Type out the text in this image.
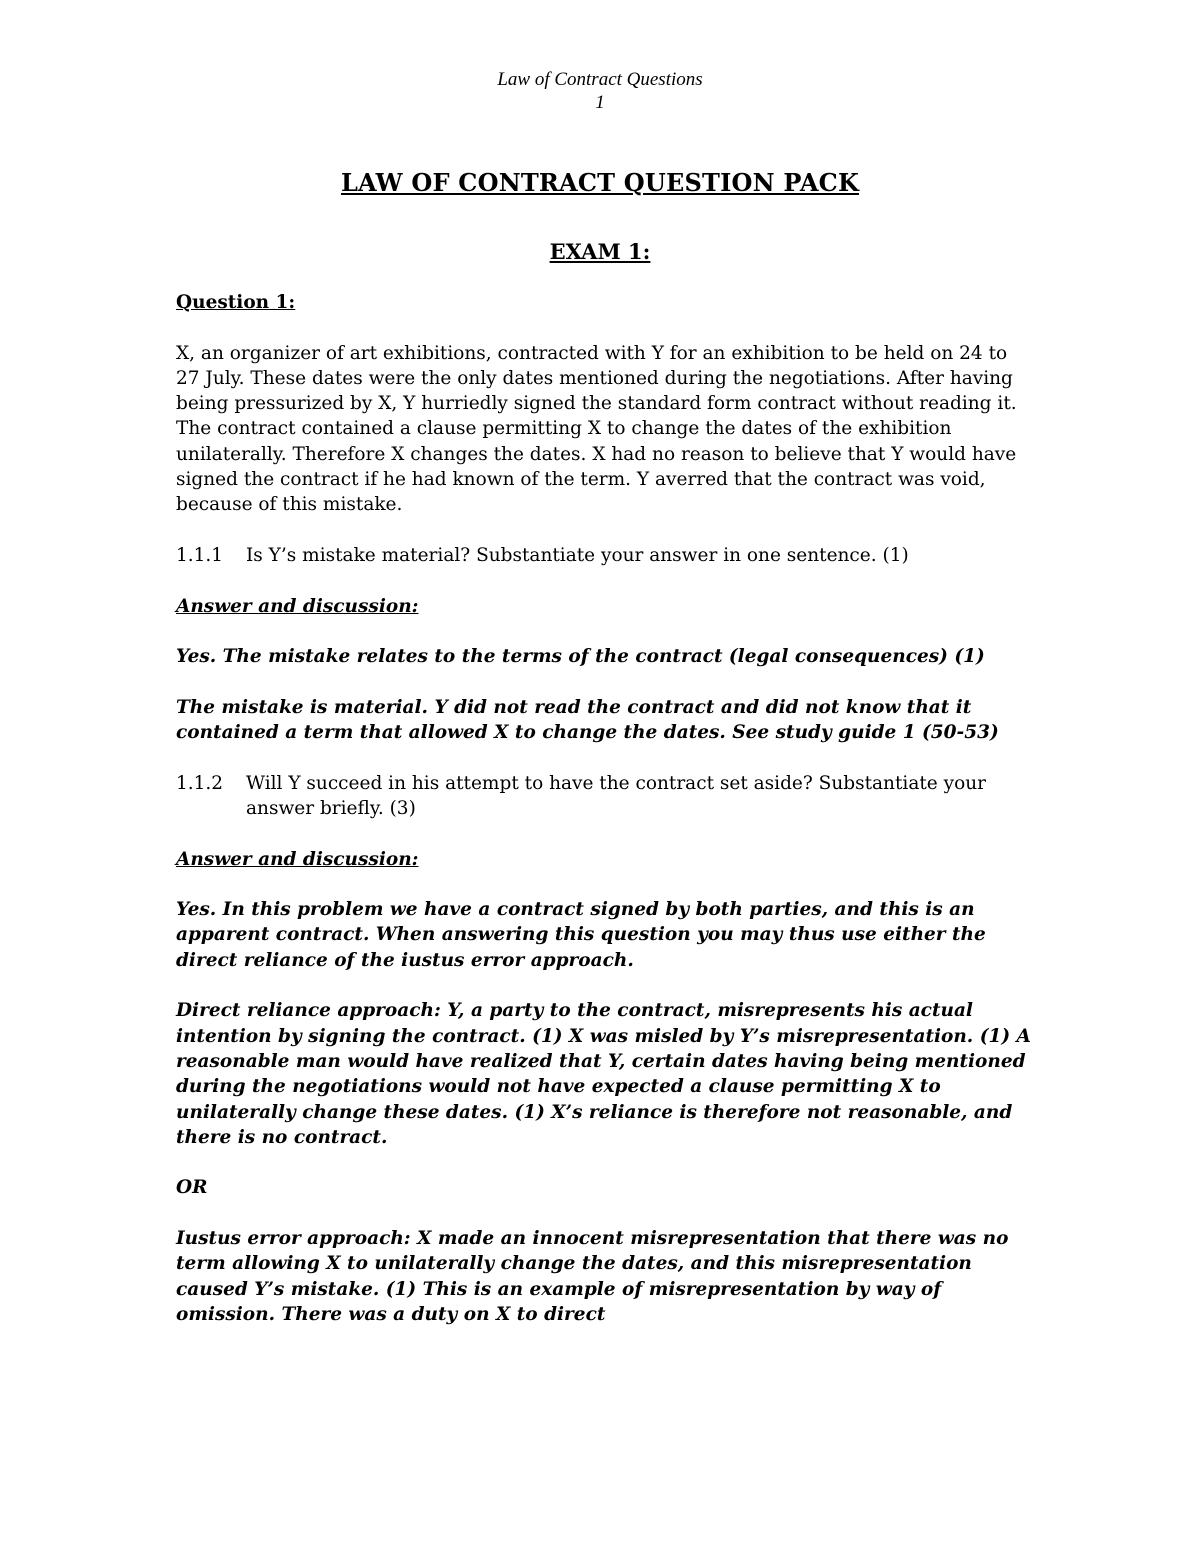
Law of Contract Questions
1
LAW OF CONTRACT QUESTION PACK
EXAM 1:

Question 1:

X, an organizer of art exhibitions, contracted with Y for an exhibition to be held on 24 to 27 July. These dates were the only dates mentioned during the negotiations. After having being pressurized by X, Y hurriedly signed the standard form contract without reading it. The contract contained a clause permitting X to change the dates of the exhibition unilaterally. Therefore X changes the dates. X had no reason to believe that Y would have signed the contract if he had known of the term. Y averred that the contract was void, because of this mistake.

1.1.1	Is Y’s mistake material? Substantiate your answer in one sentence. (1)

Answer and discussion:

Yes. The mistake relates to the terms of the contract (legal consequences) (1)

The mistake is material. Y did not read the contract and did not know that it contained a term that allowed X to change the dates. See study guide 1 (50-53)

1.1.2	Will Y succeed in his attempt to have the contract set aside? Substantiate your answer briefly. (3)

Answer and discussion:

Yes. In this problem we have a contract signed by both parties, and this is an apparent contract. When answering this question you may thus use either the direct reliance of the iustus error approach.

Direct reliance approach: Y, a party to the contract, misrepresents his actual intention by signing the contract. (1) X was misled by Y’s misrepresentation. (1) A reasonable man would have realized that Y, certain dates having being mentioned during the negotiations would not have expected a clause permitting X to unilaterally change these dates. (1) X’s reliance is therefore not reasonable, and there is no contract.

OR

Iustus error approach: X made an innocent misrepresentation that there was no term allowing X to unilaterally change the dates, and this misrepresentation caused Y’s mistake. (1) This is an example of misrepresentation by way of omission. There was a duty on X to direct
